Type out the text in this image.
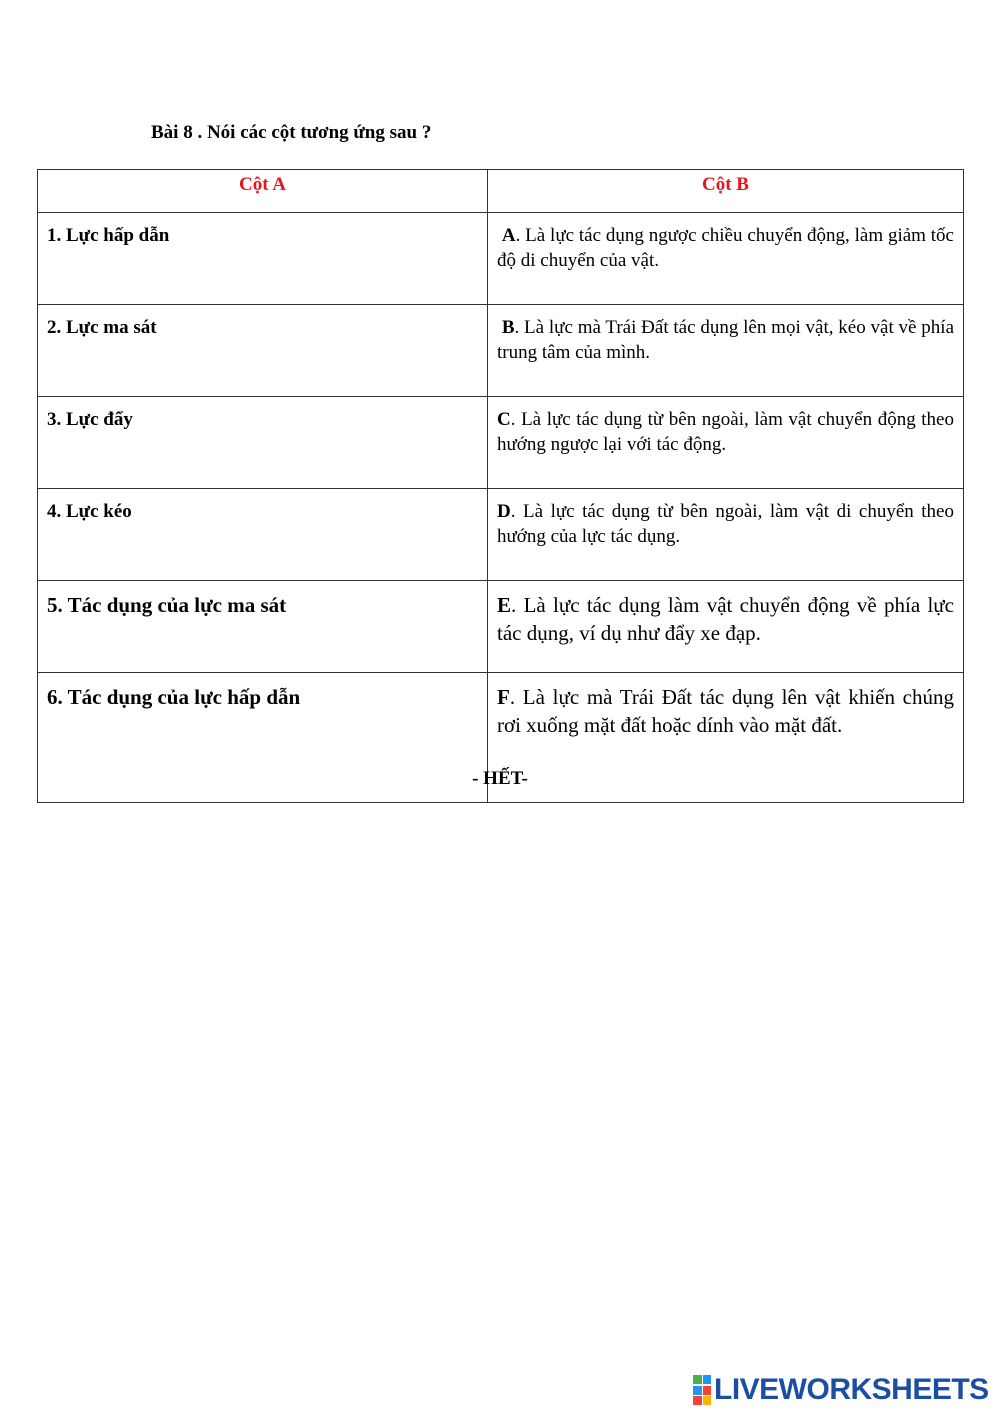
Bài 8 . Nói các cột tương ứng sau ?
Cột A	Cột B
1. Lực hấp dẫn	A. Là lực tác dụng ngược chiều chuyển động, làm giảm tốc độ di chuyển của vật.
2. Lực ma sát	B. Là lực mà Trái Đất tác dụng lên mọi vật, kéo vật về phía trung tâm của mình.
3. Lực đẩy	C. Là lực tác dụng từ bên ngoài, làm vật chuyển động theo hướng ngược lại với tác động.
4. Lực kéo	D. Là lực tác dụng từ bên ngoài, làm vật di chuyển theo hướng của lực tác dụng.
5. Tác dụng của lực ma sát	E. Là lực tác dụng làm vật chuyển động về phía lực tác dụng, ví dụ như đẩy xe đạp.
6. Tác dụng của lực hấp dẫn	F. Là lực mà Trái Đất tác dụng lên vật khiến chúng rơi xuống mặt đất hoặc dính vào mặt đất.
- HẾT-
LIVEWORKSHEETS
